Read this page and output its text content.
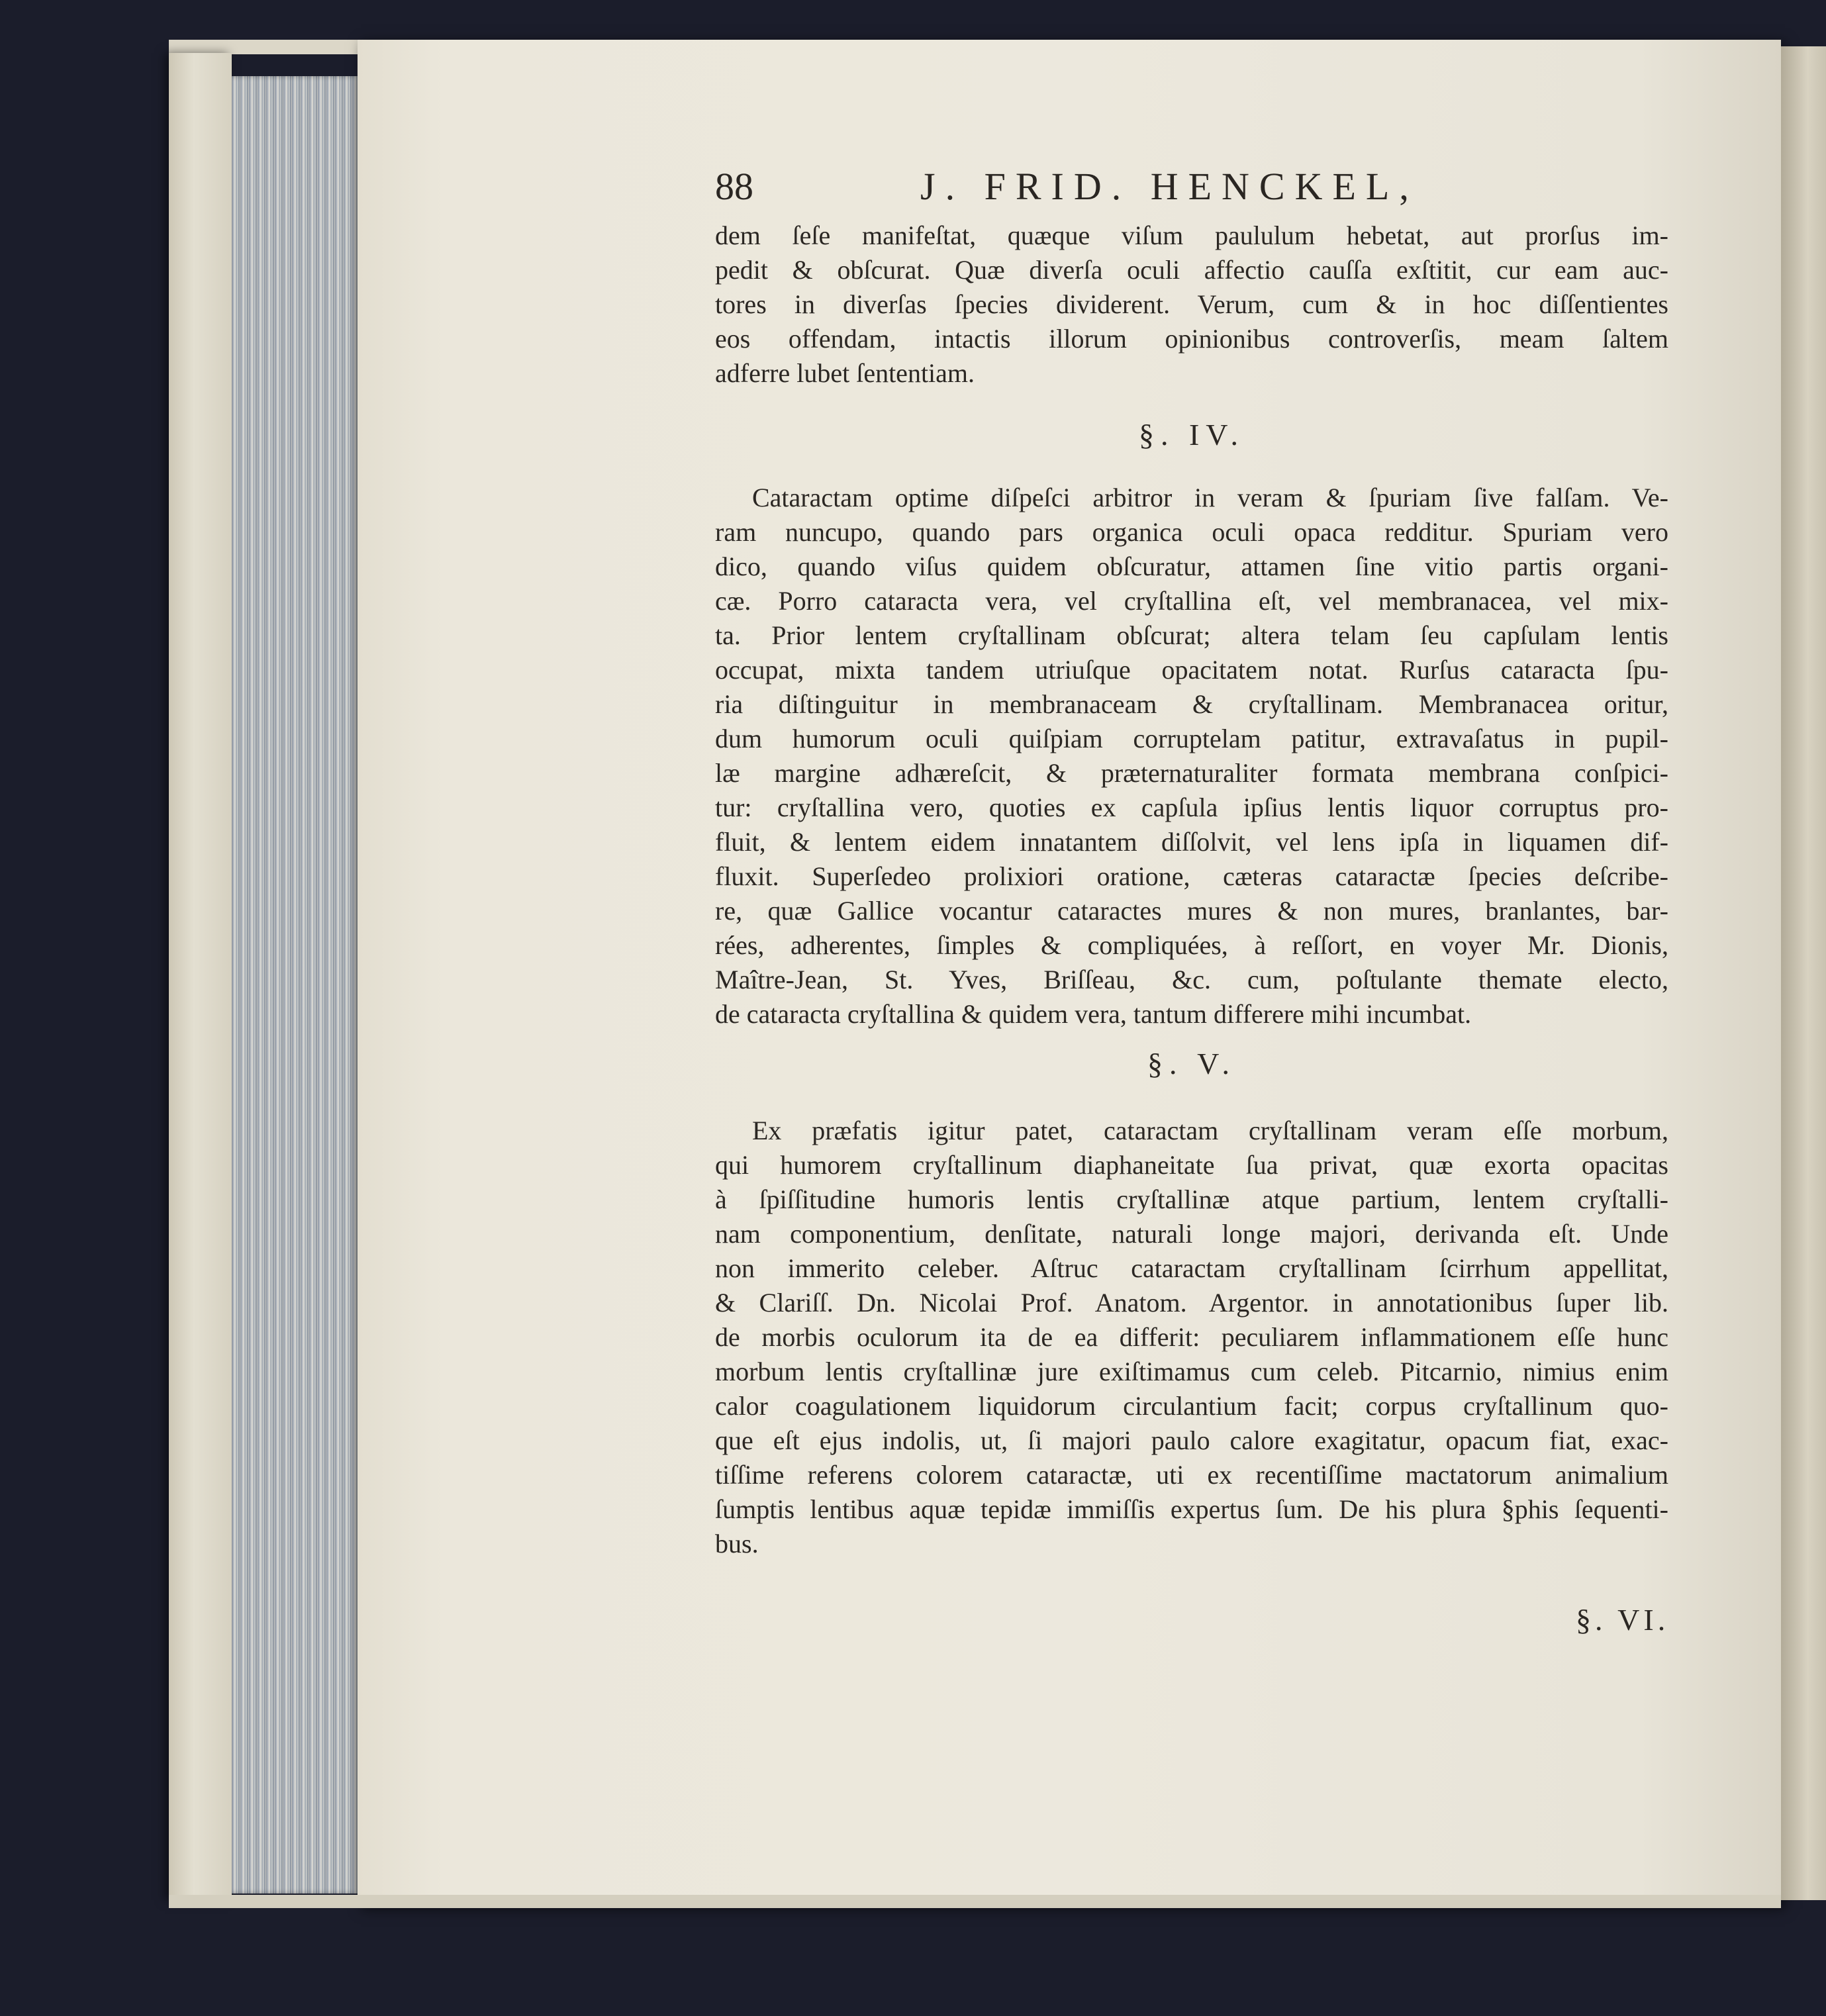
88	J. FRID. HENCKEL,
dem ſeſe manifeſtat, quæque viſum paululum hebetat, aut prorſus im-
pedit & obſcurat. Quæ diverſa oculi affectio cauſſa exſtitit, cur eam auc-
tores in diverſas ſpecies dividerent. Verum, cum & in hoc diſſentientes
eos offendam, intactis illorum opinionibus controverſis, meam ſaltem
adferre lubet ſententiam.
§. IV.
Cataractam optime diſpeſci arbitror in veram & ſpuriam ſive falſam. Ve-
ram nuncupo, quando pars organica oculi opaca redditur. Spuriam vero
dico, quando viſus quidem obſcuratur, attamen ſine vitio partis organi-
cæ. Porro cataracta vera, vel cryſtallina eſt, vel membranacea, vel mix-
ta. Prior lentem cryſtallinam obſcurat; altera telam ſeu capſulam lentis
occupat, mixta tandem utriuſque opacitatem notat. Rurſus cataracta ſpu-
ria diſtinguitur in membranaceam & cryſtallinam. Membranacea oritur,
dum humorum oculi quiſpiam corruptelam patitur, extravaſatus in pupil-
læ margine adhæreſcit, & præternaturaliter formata membrana conſpici-
tur: cryſtallina vero, quoties ex capſula ipſius lentis liquor corruptus pro-
fluit, & lentem eidem innatantem diſſolvit, vel lens ipſa in liquamen dif-
fluxit. Superſedeo prolixiori oratione, cæteras cataractæ ſpecies deſcribe-
re, quæ Gallice vocantur cataractes mures & non mures, branlantes, bar-
rées, adherentes, ſimples & compliquées, à reſſort, en voyer Mr. Dionis,
Maître-Jean, St. Yves, Briſſeau, &c. cum, poſtulante themate electo,
de cataracta cryſtallina & quidem vera, tantum differere mihi incumbat.
§. V.
Ex præfatis igitur patet, cataractam cryſtallinam veram eſſe morbum,
qui humorem cryſtallinum diaphaneitate ſua privat, quæ exorta opacitas
à ſpiſſitudine humoris lentis cryſtallinæ atque partium, lentem cryſtalli-
nam componentium, denſitate, naturali longe majori, derivanda eſt. Unde
non immerito celeber. Aſtruc cataractam cryſtallinam ſcirrhum appellitat,
& Clariſſ. Dn. Nicolai Prof. Anatom. Argentor. in annotationibus ſuper lib.
de morbis oculorum ita de ea differit: peculiarem inflammationem eſſe hunc
morbum lentis cryſtallinæ jure exiſtimamus cum celeb. Pitcarnio, nimius enim
calor coagulationem liquidorum circulantium facit; corpus cryſtallinum quo-
que eſt ejus indolis, ut, ſi majori paulo calore exagitatur, opacum fiat, exac-
tiſſime referens colorem cataractæ, uti ex recentiſſime mactatorum animalium
ſumptis lentibus aquæ tepidæ immiſſis expertus ſum. De his plura §phis ſequenti-
bus.
§. VI.
